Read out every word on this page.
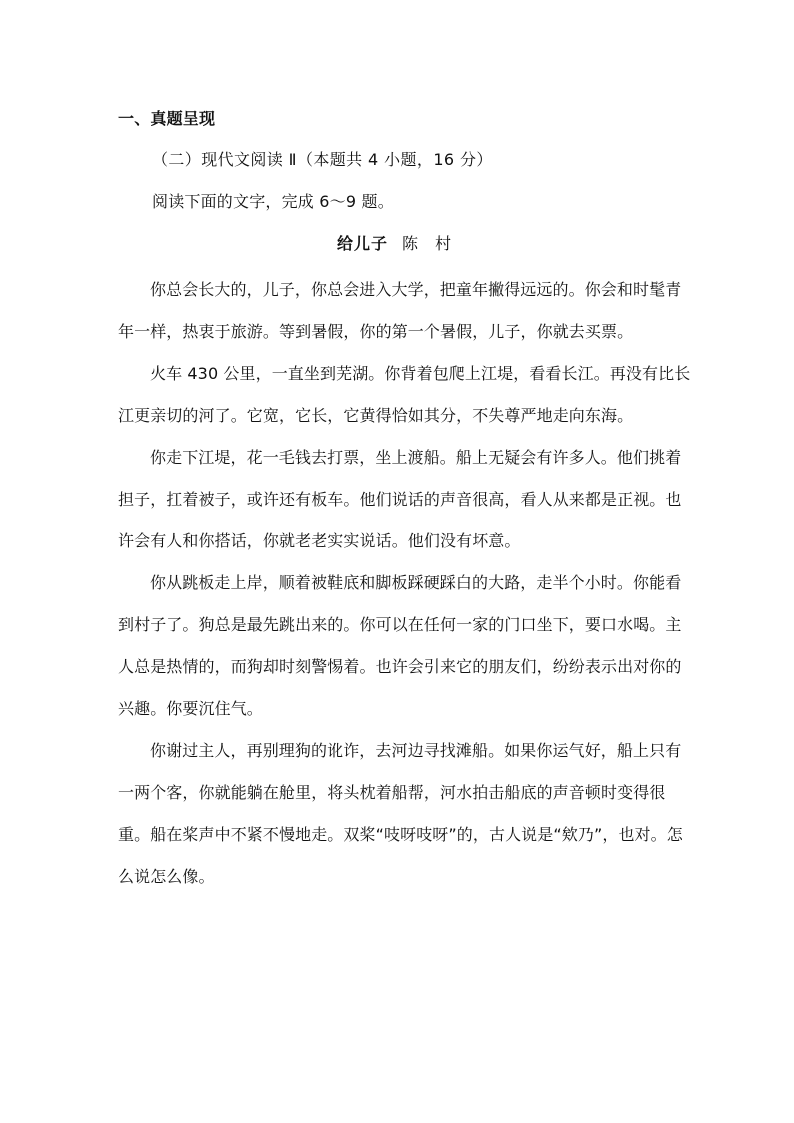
一、真题呈现
（二）现代文阅读 Ⅱ（本题共 4 小题，16 分）
阅读下面的文字，完成 6～9 题。
给儿子 陈 村

你总会长大的，儿子，你总会进入大学，把童年撇得远远的。你会和时髦青年一样，热衷于旅游。等到暑假，你的第一个暑假，儿子，你就去买票。

火车 430 公里，一直坐到芜湖。你背着包爬上江堤，看看长江。再没有比长江更亲切的河了。它宽，它长，它黄得恰如其分，不失尊严地走向东海。

你走下江堤，花一毛钱去打票，坐上渡船。船上无疑会有许多人。他们挑着担子，扛着被子，或许还有板车。他们说话的声音很高，看人从来都是正视。也许会有人和你搭话，你就老老实实说话。他们没有坏意。

你从跳板走上岸，顺着被鞋底和脚板踩硬踩白的大路，走半个小时。你能看到村子了。狗总是最先跳出来的。你可以在任何一家的门口坐下，要口水喝。主人总是热情的，而狗却时刻警惕着。也许会引来它的朋友们，纷纷表示出对你的兴趣。你要沉住气。

你谢过主人，再别理狗的讹诈，去河边寻找滩船。如果你运气好，船上只有一两个客，你就能躺在舱里，将头枕着船帮，河水拍击船底的声音顿时变得很重。船在桨声中不紧不慢地走。双桨“吱呀吱呀”的，古人说是“欸乃”，也对。怎么说怎么像。
